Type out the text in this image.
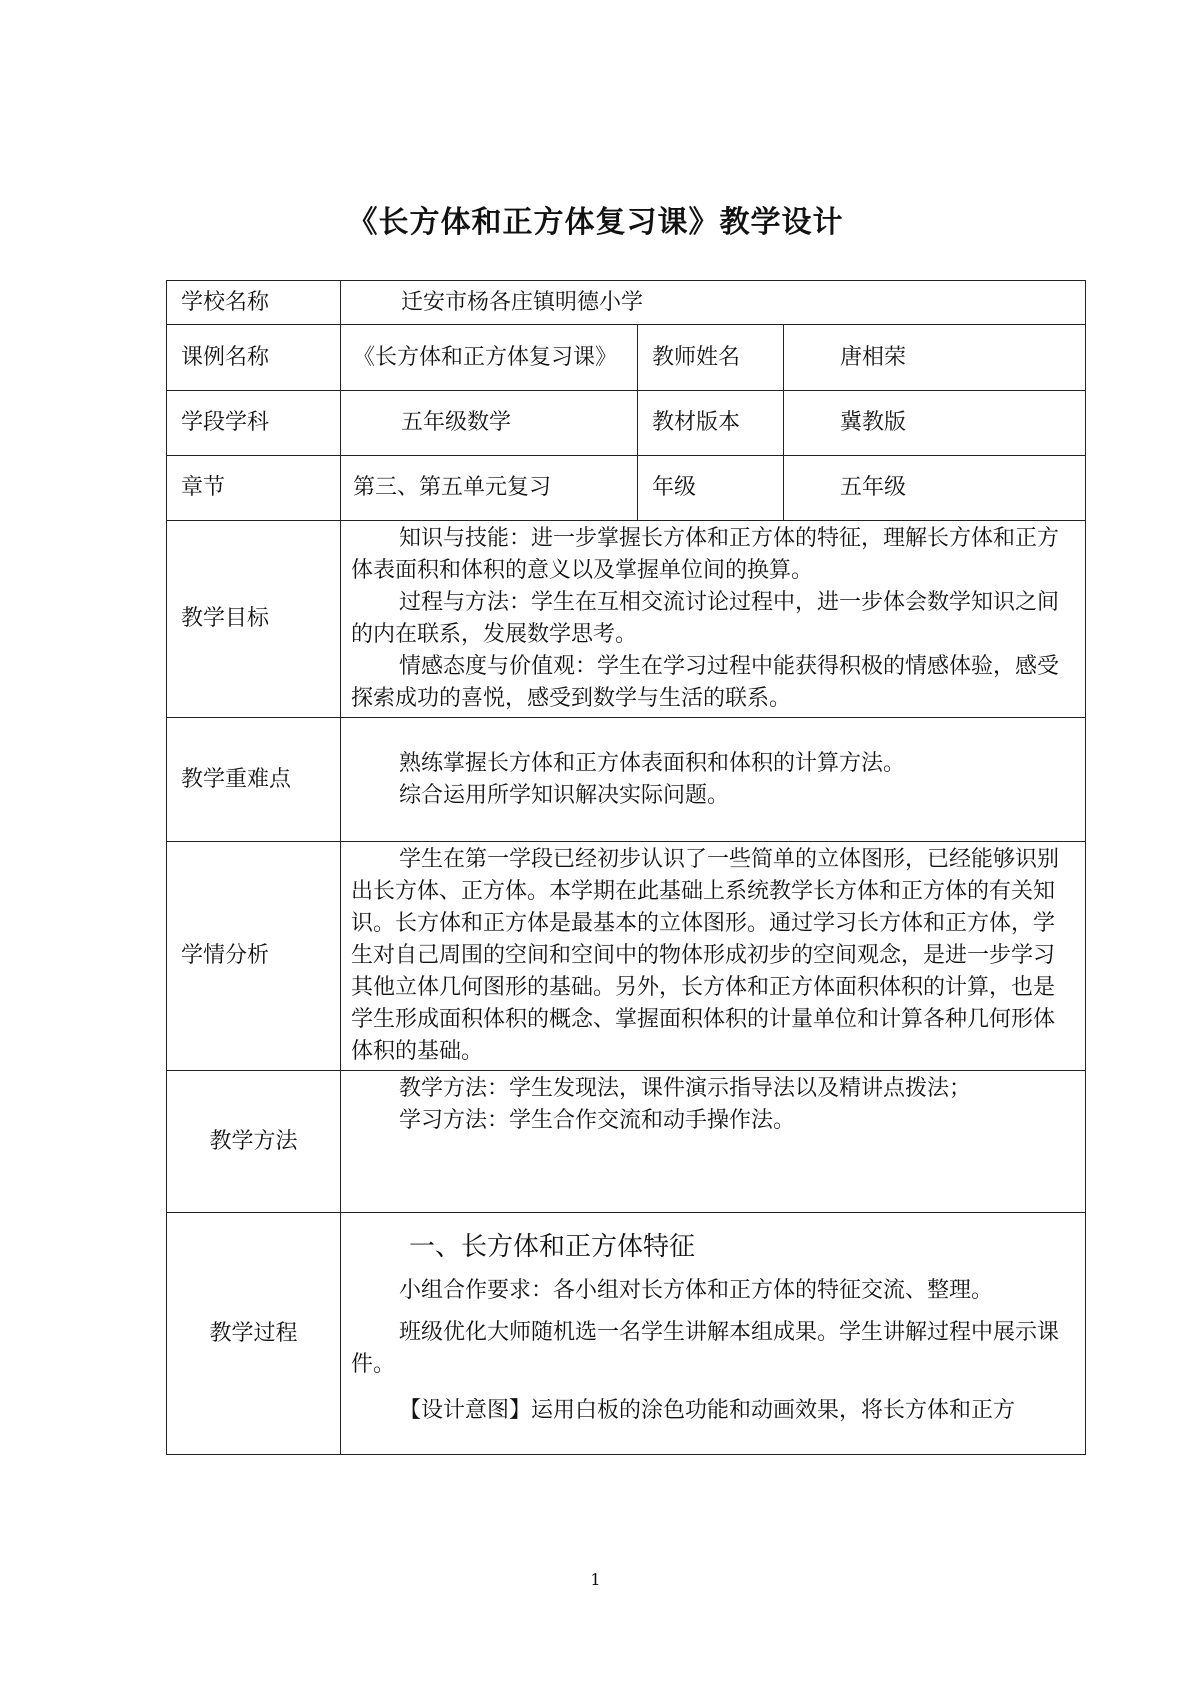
《长方体和正方体复习课》教学设计
学校名称	迁安市杨各庄镇明德小学		
课例名称	《长方体和正方体复习课》	教师姓名	唐相荣
学段学科	五年级数学	教材版本	冀教版
章节	第三、第五单元复习	年级	五年级
教学目标	知识与技能：进一步掌握长方体和正方体的特征，理解长方体和正方体表面积和体积的意义以及掌握单位间的换算。
过程与方法：学生在互相交流讨论过程中，进一步体会数学知识之间的内在联系，发展数学思考。
情感态度与价值观：学生在学习过程中能获得积极的情感体验，感受探索成功的喜悦，感受到数学与生活的联系。		

教学重难点	熟练掌握长方体和正方体表面积和体积的计算方法。
综合运用所学知识解决实际问题。		

学情分析	学生在第一学段已经初步认识了一些简单的立体图形，已经能够识别出长方体、正方体。本学期在此基础上系统教学长方体和正方体的有关知识。长方体和正方体是最基本的立体图形。通过学习长方体和正方体，学生对自己周围的空间和空间中的物体形成初步的空间观念，是进一步学习其他立体几何图形的基础。另外，长方体和正方体面积体积的计算，也是学生形成面积体积的概念、掌握面积体积的计量单位和计算各种几何形体体积的基础。		

教学方法	教学方法：学生发现法，课件演示指导法以及精讲点拨法；
学习方法：学生合作交流和动手操作法。		

教学过程	一、长方体和正方体特征

小组合作要求：各小组对长方体和正方体的特征交流、整理。

班级优化大师随机选一名学生讲解本组成果。学生讲解过程中展示课件。

【设计意图】运用白板的涂色功能和动画效果，将长方体和正方		

1
